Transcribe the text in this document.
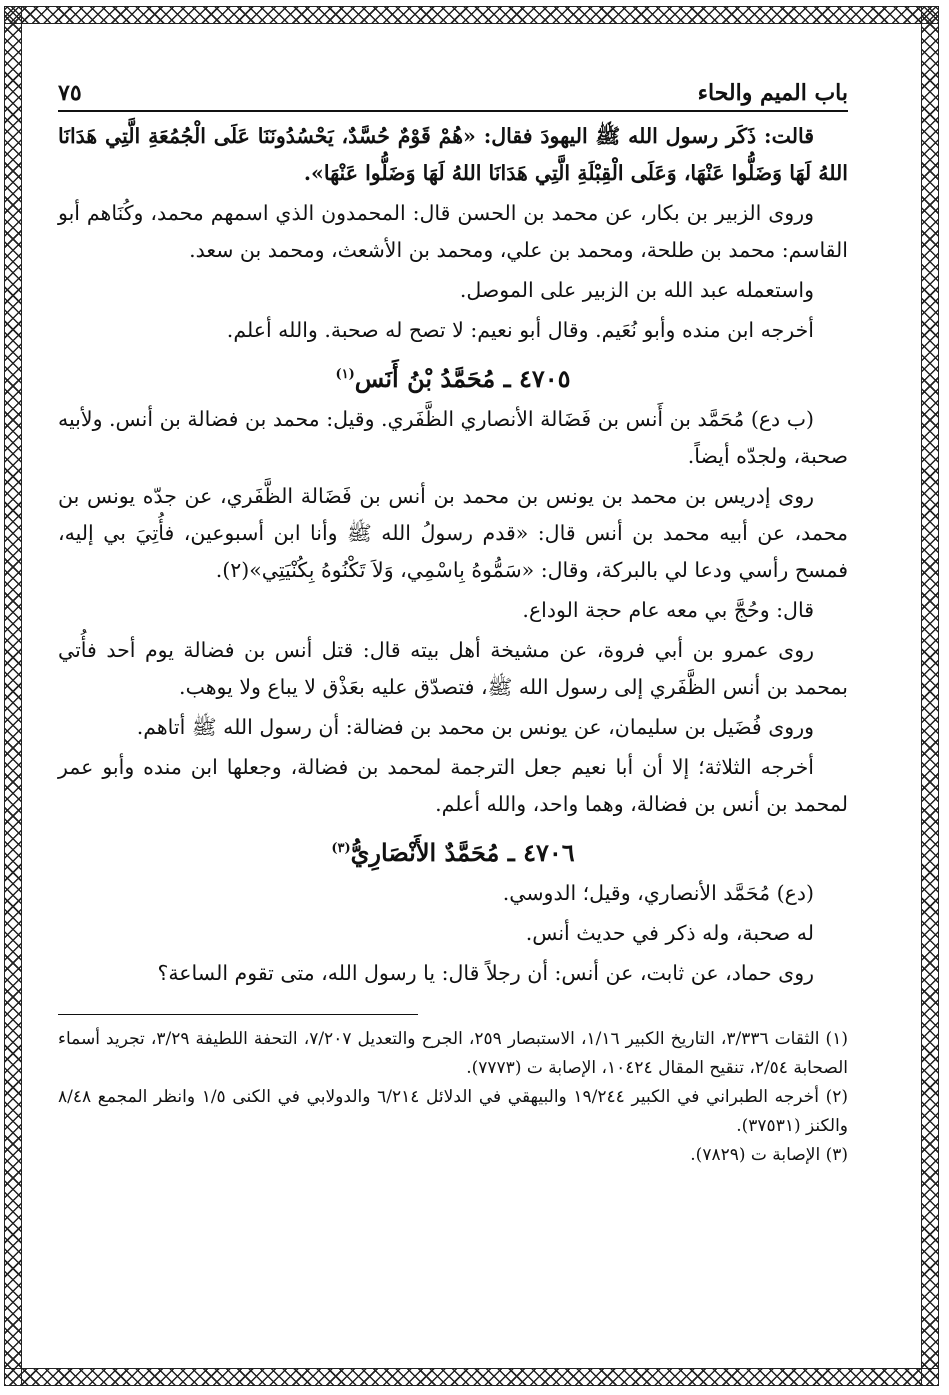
باب الميم والحاء
٧٥

قالت: ذَكَر رسول الله ﷺ اليهودَ فقال: «هُمْ قَوْمٌ حُسَّدٌ، يَحْسُدُونَنَا عَلَى الْجُمُعَةِ الَّتِي هَدَانَا اللهُ لَهَا وَضَلُّوا عَنْهَا، وَعَلَى الْقِبْلَةِ الَّتِي هَدَانَا اللهُ لَهَا وَضَلُّوا عَنْهَا».

وروى الزبير بن بكار، عن محمد بن الحسن قال: المحمدون الذي اسمهم محمد، وكُنَاهم أبو القاسم: محمد بن طلحة، ومحمد بن علي، ومحمد بن الأشعث، ومحمد بن سعد.

واستعمله عبد الله بن الزبير على الموصل.

أخرجه ابن منده وأبو نُعَيم. وقال أبو نعيم: لا تصح له صحبة. والله أعلم.

٤٧٠٥ ـ مُحَمَّدُ بْنُ أَنَس$^{(١)}$

(ب دع) مُحَمَّد بن أَنس بن فَضَالة الأنصاري الظَّفَري. وقيل: محمد بن فضالة بن أنس. ولأبيه صحبة، ولجدّه أيضاً.

روى إدريس بن محمد بن يونس بن محمد بن أنس بن فَضَالة الظَّفَري، عن جدّه يونس بن محمد، عن أبيه محمد بن أنس قال: «قدم رسولُ الله ﷺ وأنا ابن أسبوعين، فأُتِيَ بي إليه، فمسح رأسي ودعا لي بالبركة، وقال: «سَمُّوهُ بِاسْمِي، وَلاَ تَكْنُوهُ بِكُنْيَتِي»(٢).

قال: وحُجَّ بي معه عام حجة الوداع.

روى عمرو بن أبي فروة، عن مشيخة أهل بيته قال: قتل أنس بن فضالة يوم أحد فأُتي بمحمد بن أنس الظَّفَري إلى رسول الله ﷺ، فتصدّق عليه بعَذْق لا يباع ولا يوهب.

وروى فُضَيل بن سليمان، عن يونس بن محمد بن فضالة: أن رسول الله ﷺ أتاهم.

أخرجه الثلاثة؛ إلا أن أبا نعيم جعل الترجمة لمحمد بن فضالة، وجعلها ابن منده وأبو عمر لمحمد بن أنس بن فضالة، وهما واحد، والله أعلم.

٤٧٠٦ ـ مُحَمَّدٌ الأَنْصَارِيُّ$^{(٣)}$

(دع) مُحَمَّد الأنصاري، وقيل؛ الدوسي.

له صحبة، وله ذكر في حديث أنس.

روى حماد، عن ثابت، عن أنس: أن رجلاً قال: يا رسول الله، متى تقوم الساعة؟

(١) الثقات ٣/٣٣٦، التاريخ الكبير ١/١٦، الاستبصار ٢٥٩، الجرح والتعديل ٧/٢٠٧، التحفة اللطيفة ٣/٢٩، تجريد أسماء الصحابة ٢/٥٤، تنقيح المقال ١٠٤٢٤، الإصابة ت (٧٧٧٣).

(٢) أخرجه الطبراني في الكبير ١٩/٢٤٤ والبيهقي في الدلائل ٦/٢١٤ والدولابي في الكنى ١/٥ وانظر المجمع ٨/٤٨ والكنز (٣٧٥٣١).

(٣) الإصابة ت (٧٨٢٩).
